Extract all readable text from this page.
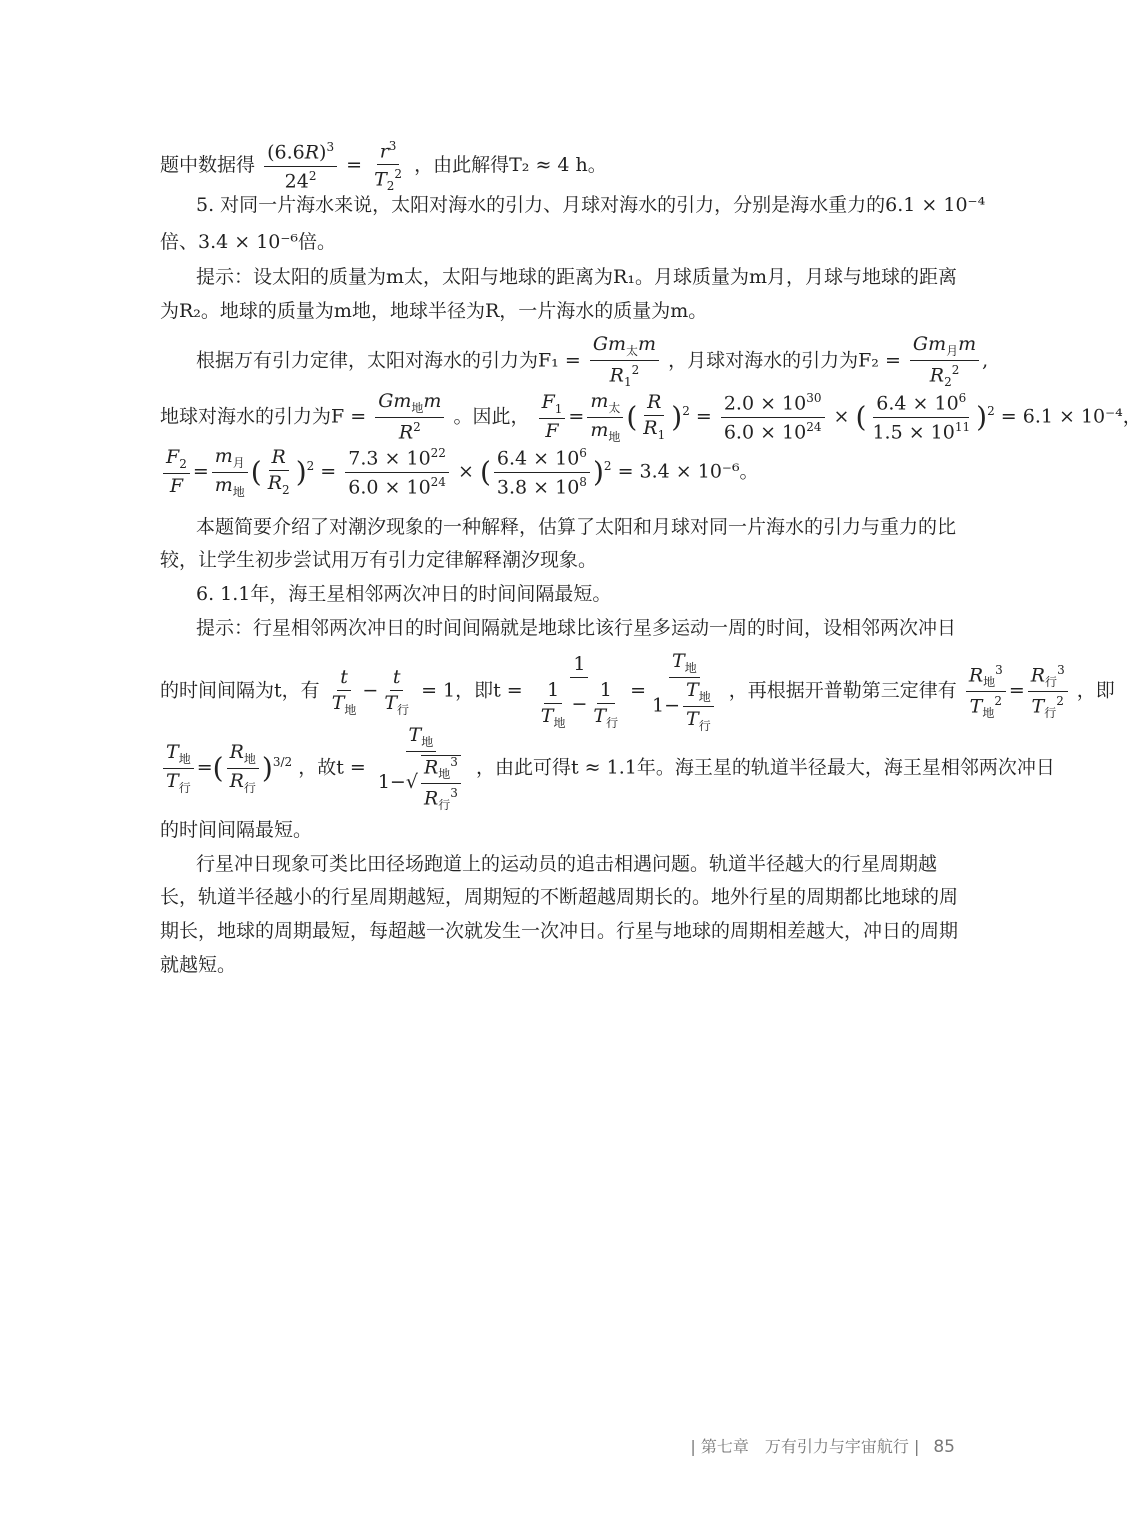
题中数据得 $\frac{(6.6R)^3}{24^2} = \frac{r^3}{T_2^2}$ ，由此解得T₂ ≈ 4 h。
5. 对同一片海水来说，太阳对海水的引力、月球对海水的引力，分别是海水重力的6.1 × 10⁻⁴
倍、3.4 × 10⁻⁶倍。
提示：设太阳的质量为m太，太阳与地球的距离为R₁。月球质量为m月，月球与地球的距离
为R₂。地球的质量为m地，地球半径为R，一片海水的质量为m。
根据万有引力定律，太阳对海水的引力为F₁ =
$Gm_太m$
$R_1^2$ ，月球对海水的引力为F₂ =
$Gm_月m$
$R_2^2$ ,
地球对海水的引力为F =
$Gm_地m$
$R^2$ 。因此， $\frac{F_1}{F}$ =
$m_太$
$m_地$
( $\frac{R}{R_1} )^2 = \frac{2.0 \times 10^{30}}{6.0 \times 10^{24}}$ × ( $\frac{6.4 \times 10^6}{1.5 \times 10^{11}} )^2 = 6.1 \times 10^{-4}$，
$\frac{F_2}{F}$ =
$m_月$
$m_地$
( $\frac{R}{R_2} )^2 = \frac{7.3 \times 10^{22}}{6.0 \times 10^{24}}$ × ( $\frac{6.4 \times 10^6}{3.8 \times 10^8} )^2 = 3.4 \times 10^{-6}$。
本题简要介绍了对潮汐现象的一种解释，估算了太阳和月球对同一片海水的引力与重力的比
较，让学生初步尝试用万有引力定律解释潮汐现象。
6. 1.1年，海王星相邻两次冲日的时间间隔最短。
提示：行星相邻两次冲日的时间间隔就是地球比该行星多运动一周的时间，设相邻两次冲日
的时间间隔为t，有
t
$T_地$
−
t
$T_行$
= 1，即t =
1
1
$T_地$
−
1
$T_行$
=
$T_地$
1−
$T_地$
$T_行$
，再根据开普勒第三定律有
$R_地^3$
$T_地^2$ =
$R_行^3$
$T_行^2$ ，即
$T_地$
$T_行$
=( $R_地$
$R_行$
)$^{3/2}$ ，故t =
$T_地$
1−√
$R_地^3$
$R_行^3$
，由此可得t ≈ 1.1年。海王星的轨道半径最大，海王星相邻两次冲日
的时间间隔最短。
行星冲日现象可类比田径场跑道上的运动员的追击相遇问题。轨道半径越大的行星周期越
长，轨道半径越小的行星周期越短，周期短的不断超越周期长的。地外行星的周期都比地球的周
期长，地球的周期最短，每超越一次就发生一次冲日。行星与地球的周期相差越大，冲日的周期
就越短。
| 第七章　万有引力与宇宙航行 | 85
